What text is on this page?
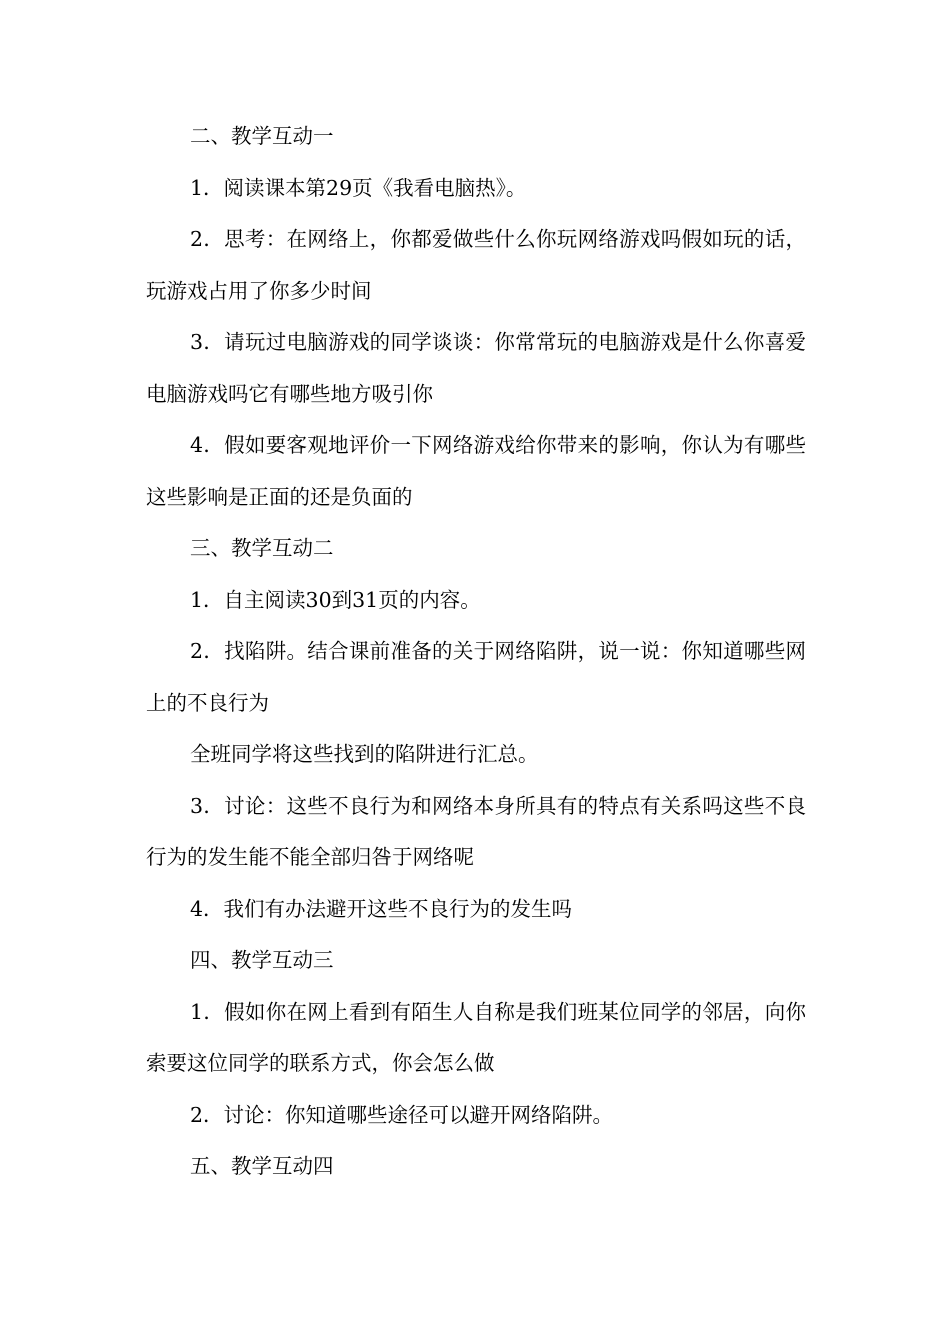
二、教学互动一

1．阅读课本第29页《我看电脑热》。

2．思考：在网络上，你都爱做些什么你玩网络游戏吗假如玩的话，玩游戏占用了你多少时间

3．请玩过电脑游戏的同学谈谈：你常常玩的电脑游戏是什么你喜爱电脑游戏吗它有哪些地方吸引你

4．假如要客观地评价一下网络游戏给你带来的影响，你认为有哪些这些影响是正面的还是负面的

三、教学互动二

1．自主阅读30到31页的内容。

2．找陷阱。结合课前准备的关于网络陷阱，说一说：你知道哪些网上的不良行为

全班同学将这些找到的陷阱进行汇总。

3．讨论：这些不良行为和网络本身所具有的特点有关系吗这些不良行为的发生能不能全部归咎于网络呢

4．我们有办法避开这些不良行为的发生吗

四、教学互动三

1．假如你在网上看到有陌生人自称是我们班某位同学的邻居，向你索要这位同学的联系方式，你会怎么做

2．讨论：你知道哪些途径可以避开网络陷阱。

五、教学互动四
